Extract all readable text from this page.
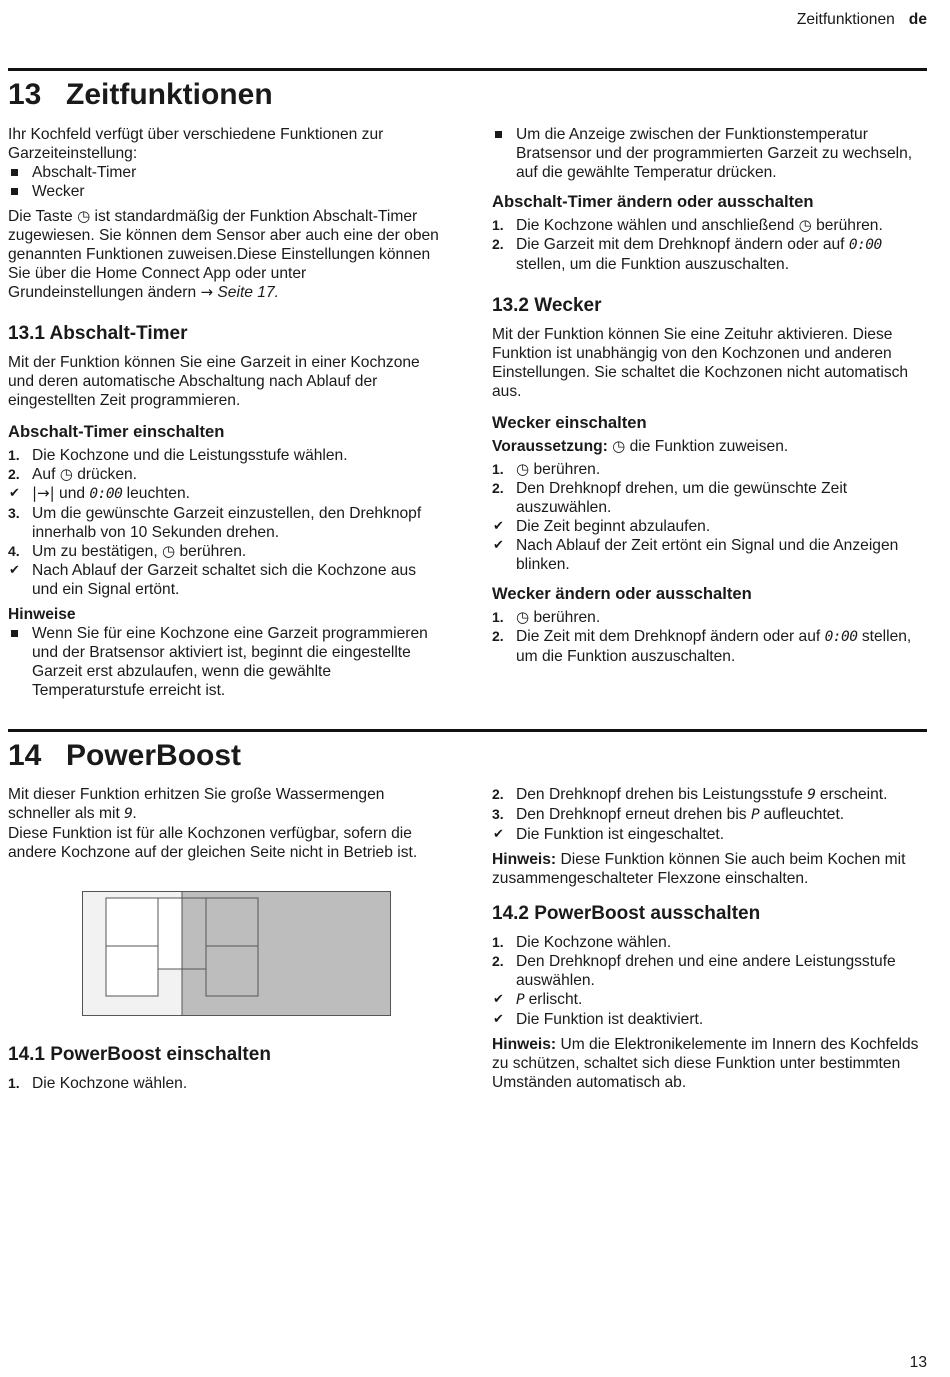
Zeitfunktionen de
13 Zeitfunktionen

Ihr Kochfeld verfügt über verschiedene Funktionen zur Garzeiteinstellung:

Abschalt-Timer
Wecker

Die Taste ◷ ist standardmäßig der Funktion Abschalt-Timer zugewiesen. Sie können dem Sensor aber auch eine der oben genannten Funktionen zuweisen.Diese Einstellungen können Sie über die Home Connect App oder unter Grundeinstellungen ändern → Seite 17.

13.1 Abschalt-Timer

Mit der Funktion können Sie eine Garzeit in einer Kochzone und deren automatische Abschaltung nach Ablauf der eingestellten Zeit programmieren.

Abschalt-Timer einschalten
1. Die Kochzone und die Leistungsstufe wählen.
2. Auf ◷ drücken.
✔ |→| und 0:00 leuchten.
3. Um die gewünschte Garzeit einzustellen, den Drehknopf innerhalb von 10 Sekunden drehen.
4. Um zu bestätigen, ◷ berühren.
✔ Nach Ablauf der Garzeit schaltet sich die Kochzone aus und ein Signal ertönt.
Hinweise
Wenn Sie für eine Kochzone eine Garzeit programmieren und der Bratsensor aktiviert ist, beginnt die eingestellte Garzeit erst abzulaufen, wenn die gewählte Temperaturstufe erreicht ist.
Um die Anzeige zwischen der Funktionstemperatur Bratsensor und der programmierten Garzeit zu wechseln, auf die gewählte Temperatur drücken.
Abschalt-Timer ändern oder ausschalten
1. Die Kochzone wählen und anschließend ◷ berühren.
2. Die Garzeit mit dem Drehknopf ändern oder auf 0:00 stellen, um die Funktion auszuschalten.
13.2 Wecker

Mit der Funktion können Sie eine Zeituhr aktivieren. Diese Funktion ist unabhängig von den Kochzonen und anderen Einstellungen. Sie schaltet die Kochzonen nicht automatisch aus.

Wecker einschalten
Voraussetzung: ◷ die Funktion zuweisen.
1. ◷ berühren.
2. Den Drehknopf drehen, um die gewünschte Zeit auszuwählen.
✔ Die Zeit beginnt abzulaufen.
✔ Nach Ablauf der Zeit ertönt ein Signal und die Anzeigen blinken.
Wecker ändern oder ausschalten
1. ◷ berühren.
2. Die Zeit mit dem Drehknopf ändern oder auf 0:00 stellen, um die Funktion auszuschalten.
14 PowerBoost

Mit dieser Funktion erhitzen Sie große Wassermengen schneller als mit 9.

Diese Funktion ist für alle Kochzonen verfügbar, sofern die andere Kochzone auf der gleichen Seite nicht in Betrieb ist.

14.1 PowerBoost einschalten
1. Die Kochzone wählen.
2. Den Drehknopf drehen bis Leistungsstufe 9 erscheint.
3. Den Drehknopf erneut drehen bis P aufleuchtet.
✔ Die Funktion ist eingeschaltet.

Hinweis: Diese Funktion können Sie auch beim Kochen mit zusammengeschalteter Flexzone einschalten.

14.2 PowerBoost ausschalten
1. Die Kochzone wählen.
2. Den Drehknopf drehen und eine andere Leistungsstufe auswählen.
✔ P erlischt.
✔ Die Funktion ist deaktiviert.

Hinweis: Um die Elektronikelemente im Innern des Kochfelds zu schützen, schaltet sich diese Funktion unter bestimmten Umständen automatisch ab.

13
